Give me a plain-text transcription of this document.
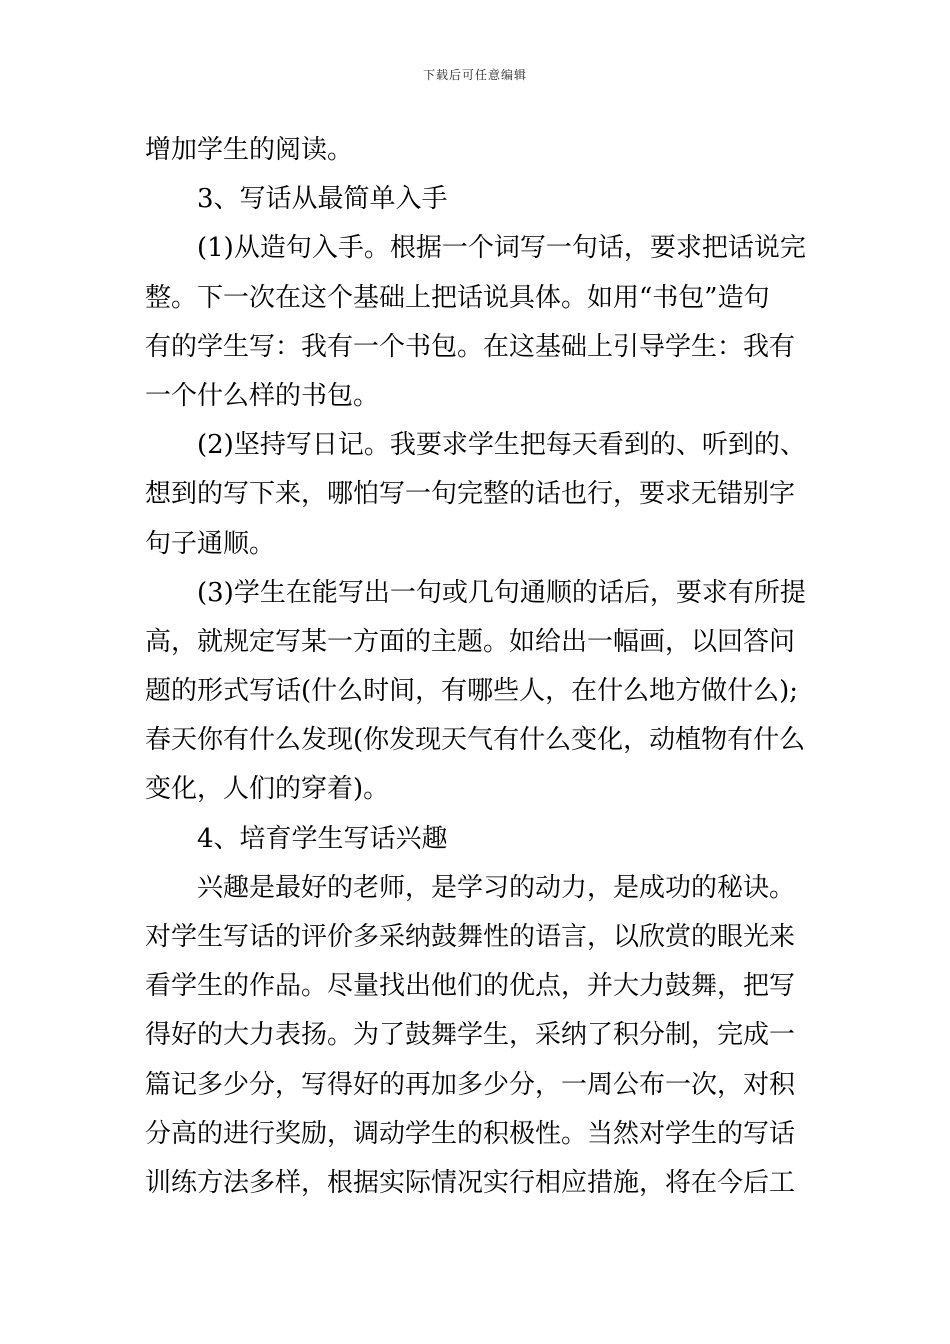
下载后可任意编辑
增加学生的阅读。
3、写话从最简单入手
(1)从造句入手。根据一个词写一句话，要求把话说完
整。下一次在这个基础上把话说具体。如用“书包”造句
有的学生写：我有一个书包。在这基础上引导学生：我有
一个什么样的书包。
(2)坚持写日记。我要求学生把每天看到的、听到的、
想到的写下来，哪怕写一句完整的话也行，要求无错别字
句子通顺。
(3)学生在能写出一句或几句通顺的话后，要求有所提
高，就规定写某一方面的主题。如给出一幅画，以回答问
题的形式写话(什么时间，有哪些人，在什么地方做什么);
春天你有什么发现(你发现天气有什么变化，动植物有什么
变化，人们的穿着)。
4、培育学生写话兴趣
兴趣是最好的老师，是学习的动力，是成功的秘诀。
对学生写话的评价多采纳鼓舞性的语言，以欣赏的眼光来
看学生的作品。尽量找出他们的优点，并大力鼓舞，把写
得好的大力表扬。为了鼓舞学生，采纳了积分制，完成一
篇记多少分，写得好的再加多少分，一周公布一次，对积
分高的进行奖励，调动学生的积极性。当然对学生的写话
训练方法多样，根据实际情况实行相应措施，将在今后工
